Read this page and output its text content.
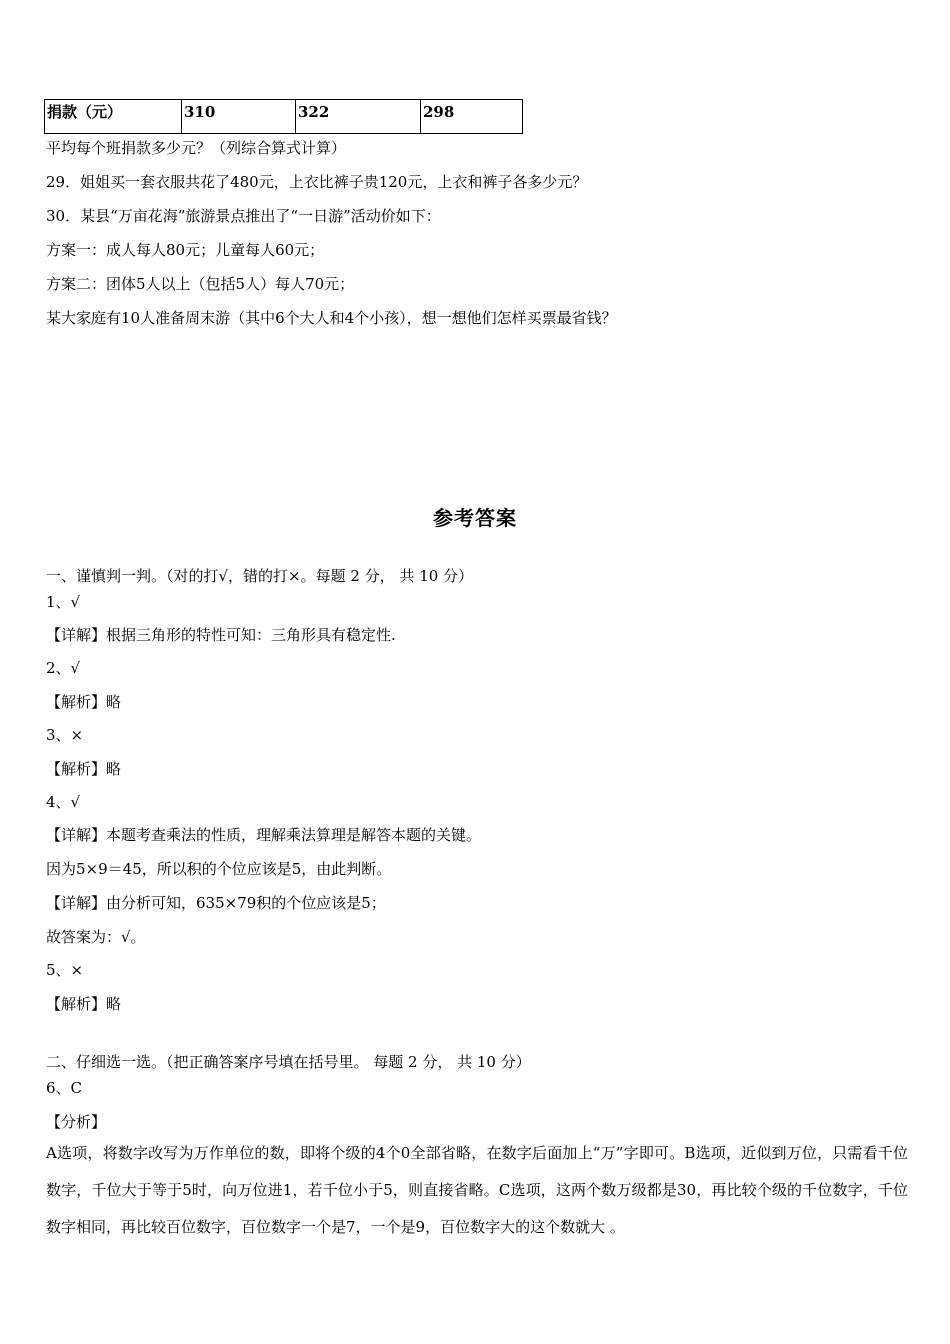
捐款（元）	310	322	298
平均每个班捐款多少元？（列综合算式计算）
29．姐姐买一套衣服共花了480元，上衣比裤子贵120元，上衣和裤子各多少元？
30．某县“万亩花海”旅游景点推出了“一日游”活动价如下：
方案一：成人每人80元；儿童每人60元；
方案二：团体5人以上（包括5人）每人70元；
某大家庭有10人准备周末游（其中6个大人和4个小孩），想一想他们怎样买票最省钱？
参考答案
一、谨慎判一判。（对的打√，错的打×。每题 2 分， 共 10 分）
1、√
【详解】根据三角形的特性可知：三角形具有稳定性.
2、√
【解析】略
3、×
【解析】略
4、√
【详解】本题考查乘法的性质，理解乘法算理是解答本题的关键。
因为5×9＝45，所以积的个位应该是5，由此判断。
【详解】由分析可知，635×79积的个位应该是5；
故答案为：√。
5、×
【解析】略
二、仔细选一选。（把正确答案序号填在括号里。 每题 2 分， 共 10 分）
6、C
【分析】
A选项，将数字改写为万作单位的数，即将个级的4个0全部省略，在数字后面加上“万”字即可。B选项，近似到万位，只需看千位数字，千位大于等于5时，向万位进1，若千位小于5，则直接省略。C选项，这两个数万级都是30，再比较个级的千位数字，千位数字相同，再比较百位数字，百位数字一个是7，一个是9，百位数字大的这个数就大 。
